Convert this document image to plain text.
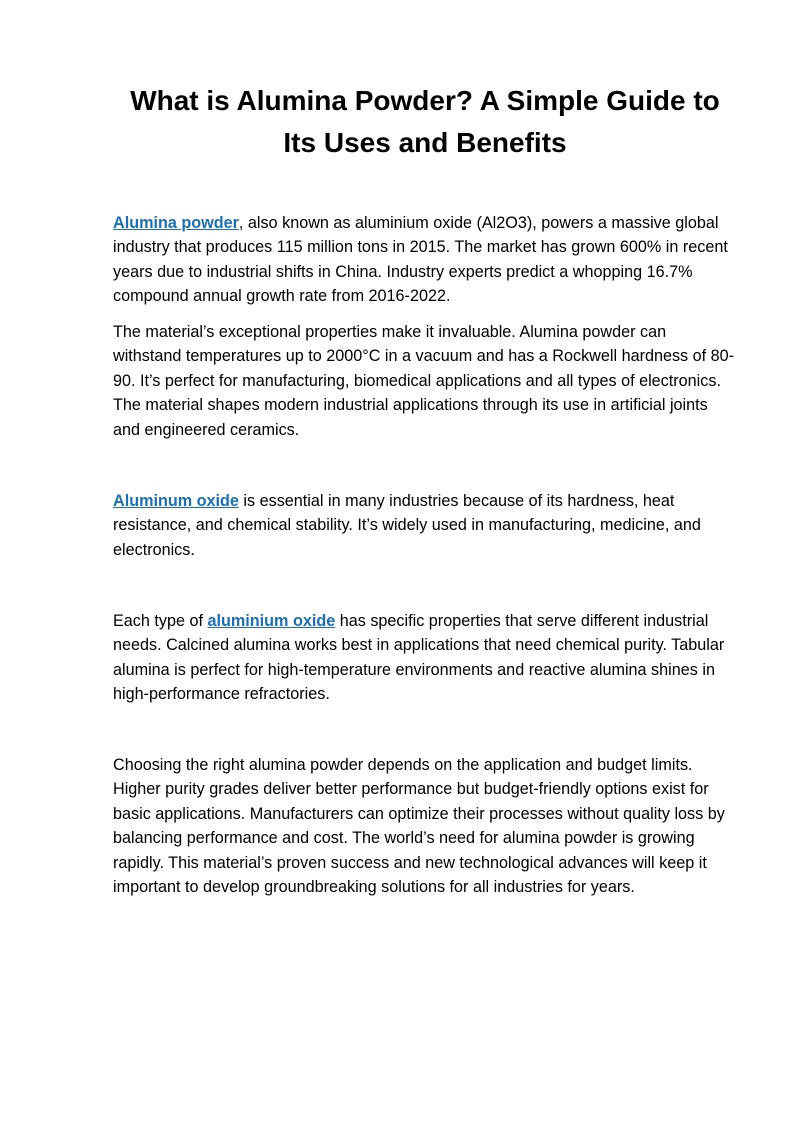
What is Alumina Powder? A Simple Guide to Its Uses and Benefits

Alumina powder, also known as aluminium oxide (Al2O3), powers a massive global industry that produces 115 million tons in 2015. The market has grown 600% in recent years due to industrial shifts in China. Industry experts predict a whopping 16.7% compound annual growth rate from 2016-2022.

The material’s exceptional properties make it invaluable. Alumina powder can withstand temperatures up to 2000°C in a vacuum and has a Rockwell hardness of 80-90. It’s perfect for manufacturing, biomedical applications and all types of electronics. The material shapes modern industrial applications through its use in artificial joints and engineered ceramics.

Aluminum oxide is essential in many industries because of its hardness, heat resistance, and chemical stability. It’s widely used in manufacturing, medicine, and electronics.

Each type of aluminium oxide has specific properties that serve different industrial needs. Calcined alumina works best in applications that need chemical purity. Tabular alumina is perfect for high-temperature environments and reactive alumina shines in high-performance refractories.

Choosing the right alumina powder depends on the application and budget limits. Higher purity grades deliver better performance but budget-friendly options exist for basic applications. Manufacturers can optimize their processes without quality loss by balancing performance and cost. The world’s need for alumina powder is growing rapidly. This material’s proven success and new technological advances will keep it important to develop groundbreaking solutions for all industries for years.
